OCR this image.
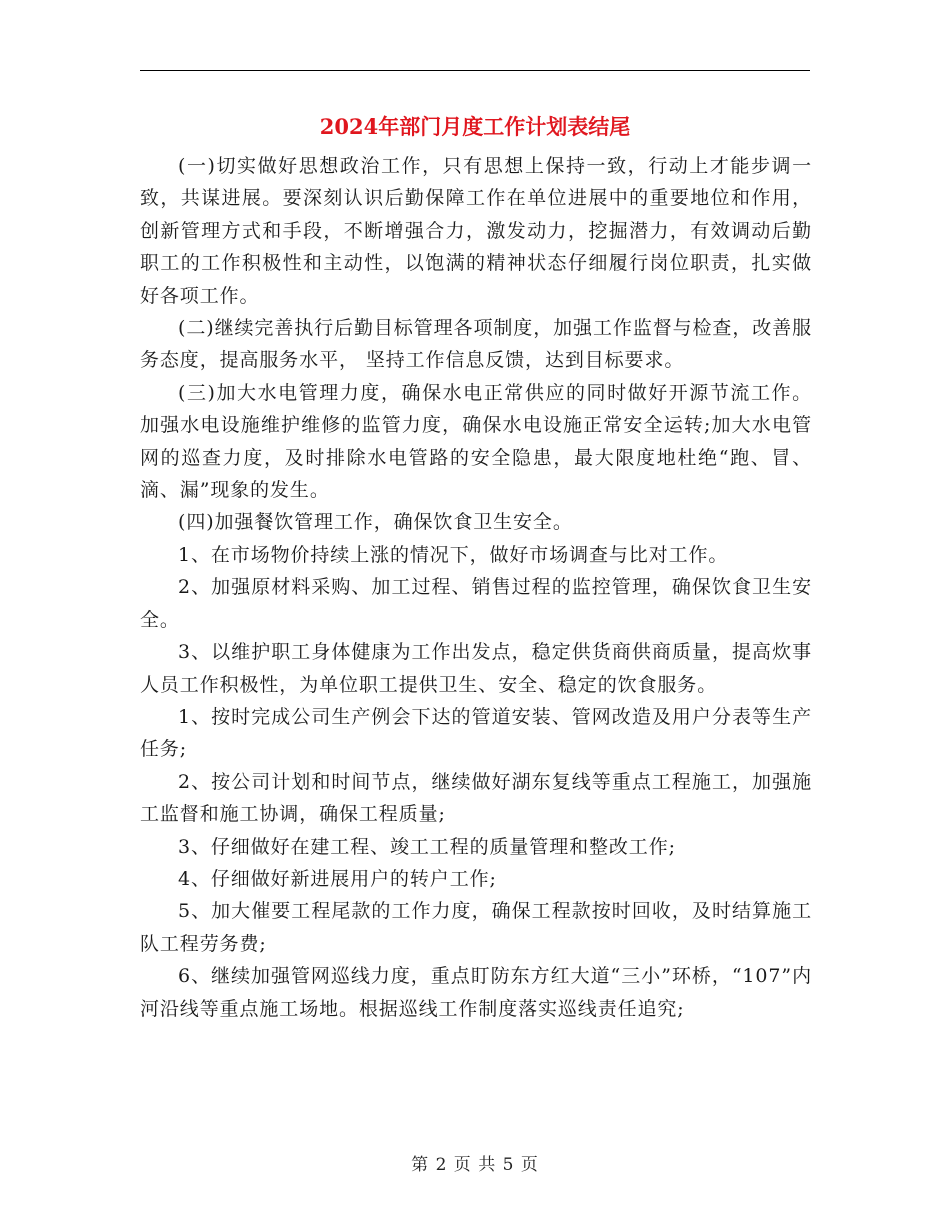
2024年部门月度工作计划表结尾

(一)切实做好思想政治工作，只有思想上保持一致，行动上才能步调一致，共谋进展。要深刻认识后勤保障工作在单位进展中的重要地位和作用，创新管理方式和手段，不断增强合力，激发动力，挖掘潜力，有效调动后勤职工的工作积极性和主动性，以饱满的精神状态仔细履行岗位职责，扎实做好各项工作。

(二)继续完善执行后勤目标管理各项制度，加强工作监督与检查，改善服务态度，提高服务水平， 坚持工作信息反馈，达到目标要求。

(三)加大水电管理力度，确保水电正常供应的同时做好开源节流工作。 加强水电设施维护维修的监管力度，确保水电设施正常安全运转;加大水电管网的巡查力度，及时排除水电管路的安全隐患，最大限度地杜绝“跑、冒、滴、漏”现象的发生。

(四)加强餐饮管理工作，确保饮食卫生安全。

1、在市场物价持续上涨的情况下，做好市场调查与比对工作。

2、加强原材料采购、加工过程、销售过程的监控管理，确保饮食卫生安全。

3、以维护职工身体健康为工作出发点，稳定供货商供商质量，提高炊事人员工作积极性，为单位职工提供卫生、安全、稳定的饮食服务。

1、按时完成公司生产例会下达的管道安装、管网改造及用户分表等生产任务;

2、按公司计划和时间节点，继续做好湖东复线等重点工程施工，加强施工监督和施工协调，确保工程质量;

3、仔细做好在建工程、竣工工程的质量管理和整改工作;

4、仔细做好新进展用户的转户工作;

5、加大催要工程尾款的工作力度，确保工程款按时回收，及时结算施工队工程劳务费;

6、继续加强管网巡线力度，重点盯防东方红大道“三小”环桥，“107”内河沿线等重点施工场地。根据巡线工作制度落实巡线责任追究;

第 2 页 共 5 页
